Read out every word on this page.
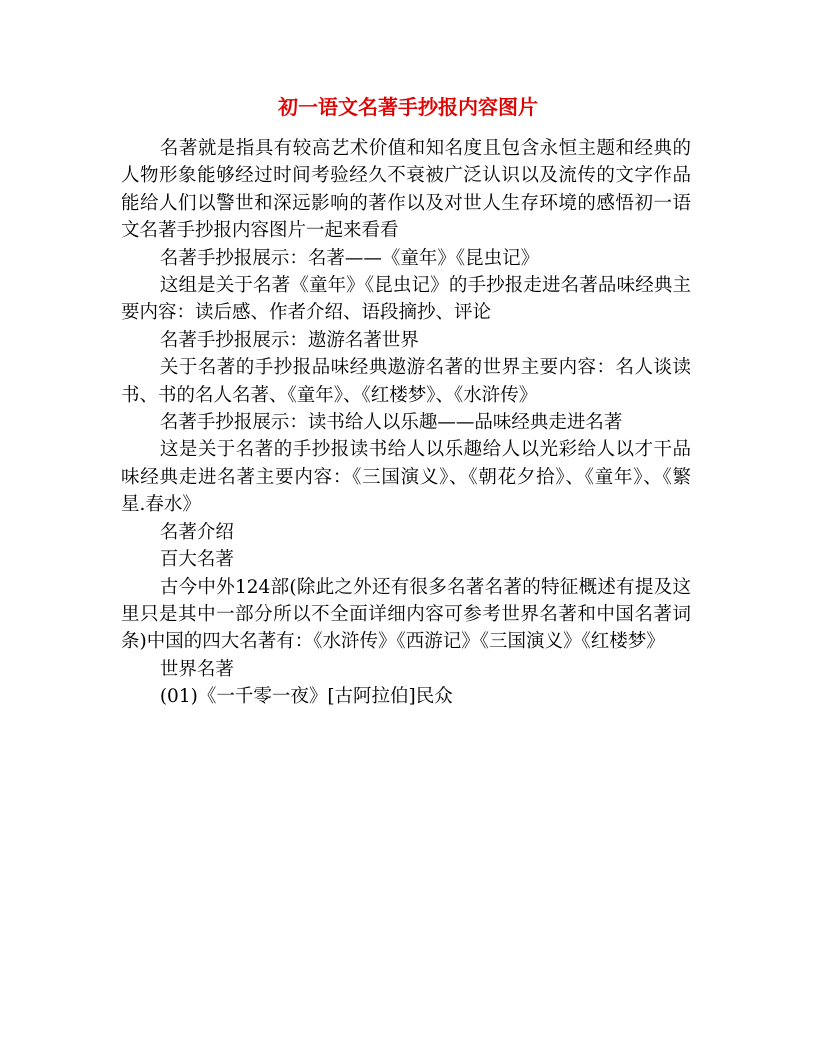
初一语文名著手抄报内容图片

名著就是指具有较高艺术价值和知名度且包含永恒主题和经典的人物形象能够经过时间考验经久不衰被广泛认识以及流传的文字作品能给人们以警世和深远影响的著作以及对世人生存环境的感悟初一语文名著手抄报内容图片一起来看看

名著手抄报展示：名著——《童年》《昆虫记》

这组是关于名著《童年》《昆虫记》的手抄报走进名著品味经典主要内容：读后感、作者介绍、语段摘抄、评论

名著手抄报展示：遨游名著世界

关于名著的手抄报品味经典遨游名著的世界主要内容：名人谈读书、书的名人名著、《童年》、《红楼梦》、《水浒传》

名著手抄报展示：读书给人以乐趣——品味经典走进名著

这是关于名著的手抄报读书给人以乐趣给人以光彩给人以才干品味经典走进名著主要内容：《三国演义》、《朝花夕拾》、《童年》、《繁星.春水》

名著介绍

百大名著

古今中外124部(除此之外还有很多名著名著的特征概述有提及这里只是其中一部分所以不全面详细内容可参考世界名著和中国名著词条)中国的四大名著有：《水浒传》《西游记》《三国演义》《红楼梦》

世界名著

(01)《一千零一夜》[古阿拉伯]民众
